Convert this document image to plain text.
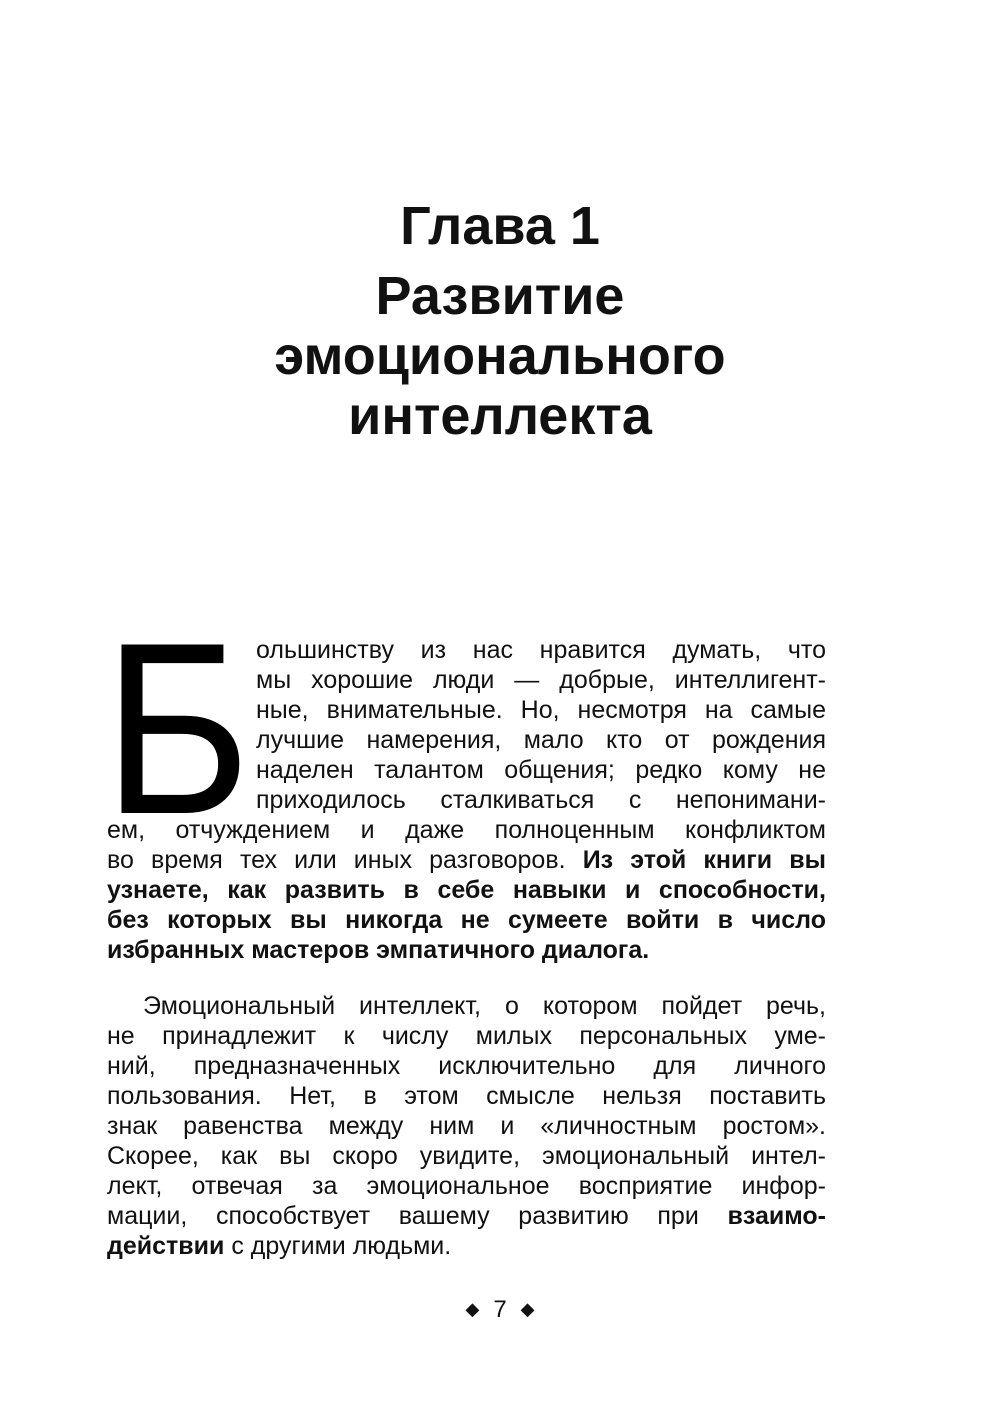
Глава 1
Развитие
эмоционального
интеллекта
Б ольшинству из нас нравится думать, что
мы хорошие люди — добрые, интеллигент-
ные, внимательные. Но, несмотря на самые
лучшие намерения, мало кто от рождения
наделен талантом общения; редко кому не
приходилось сталкиваться с непонимани-
ем, отчуждением и даже полноценным конфликтом
во время тех или иных разговоров. Из этой книги вы
узнаете, как развить в себе навыки и способности,
без которых вы никогда не сумеете войти в число
избранных мастеров эмпатичного диалога.
Эмоциональный интеллект, о котором пойдет речь,
не принадлежит к числу милых персональных уме-
ний, предназначенных исключительно для личного
пользования. Нет, в этом смысле нельзя поставить
знак равенства между ним и «личностным ростом».
Скорее, как вы скоро увидите, эмоциональный интел-
лект, отвечая за эмоциональное восприятие инфор-
мации, способствует вашему развитию при взаимо-
действии с другими людьми.
◆ 7 ◆
